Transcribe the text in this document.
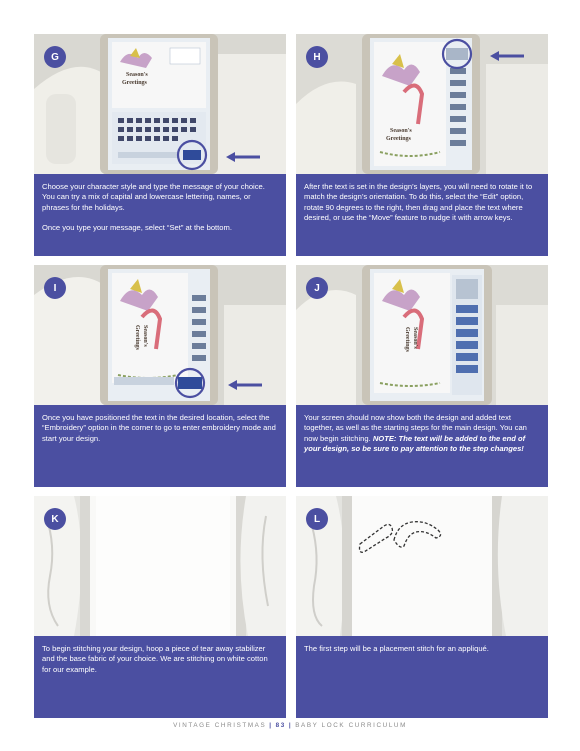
Season's
Greetings
G

Choose your character style and type the message of your choice. You can try a mix of capital and lowercase lettering, names, or phrases for the holidays.

Once you type your message, select “Set” at the bottom.

Season's
Greetings
H

After the text is set in the design’s layers, you will need to rotate it to match the design’s orientation. To do this, select the “Edit” option, rotate 90 degrees to the right, then drag and place the text where desired, or use the “Move” feature to nudge it with arrow keys.

Season's
Greetings
I

Once you have positioned the text in the desired location, select the “Embroidery” option in the corner to go to enter embroidery mode and start your design.

Season's
Greetings
J

Your screen should now show both the design and added text together, as well as the starting steps for the main design. You can now begin stitching. NOTE: The text will be added to the end of your design, so be sure to pay attention to the step changes!

K

To begin stitching your design, hoop a piece of tear away stabilizer and the base fabric of your choice. We are stitching on white cotton for our example.

L

The first step will be a placement stitch for an appliqué.

VINTAGE CHRISTMAS | 83 | BABY LOCK CURRICULUM
